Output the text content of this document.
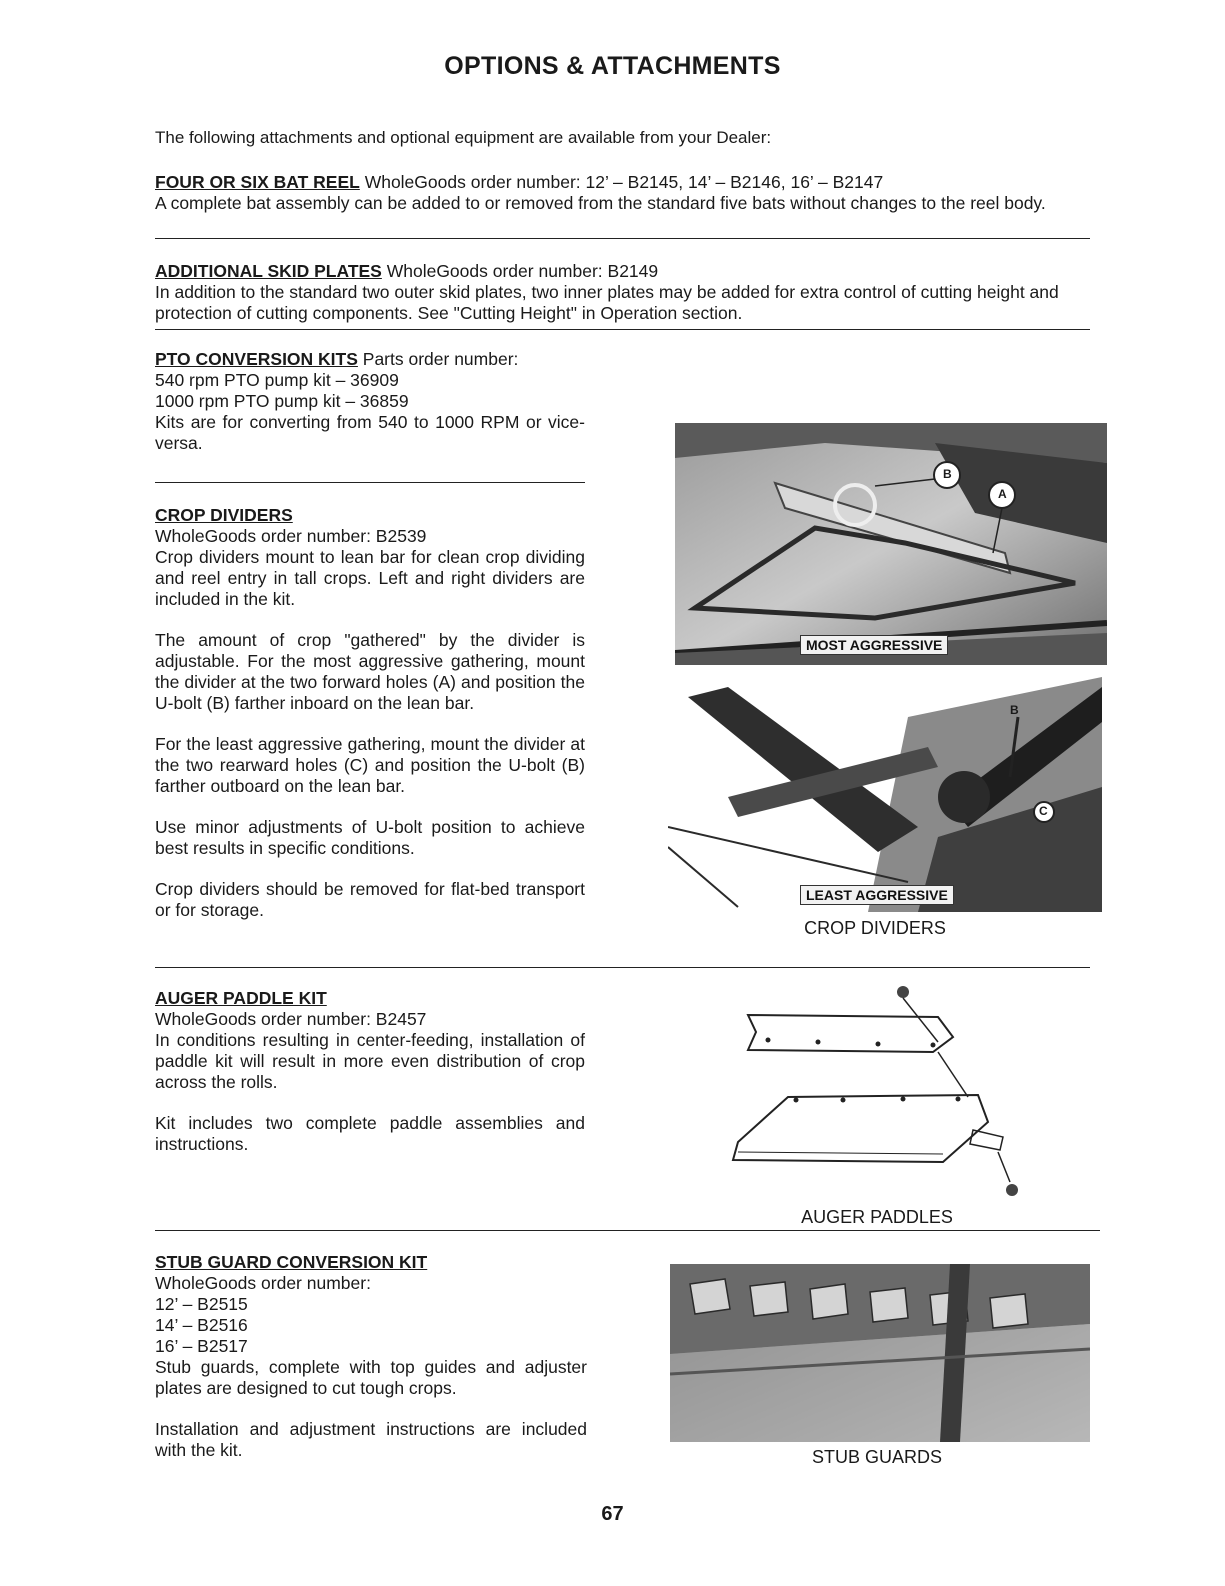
OPTIONS & ATTACHMENTS
The following attachments and optional equipment are available from your Dealer:

FOUR OR SIX BAT REEL WholeGoods order number: 12’ – B2145, 14’ – B2146, 16’ – B2147

A complete bat assembly can be added to or removed from the standard five bats without changes to the reel body.

ADDITIONAL SKID PLATES WholeGoods order number: B2149

In addition to the standard two outer skid plates, two inner plates may be added for extra control of cutting height and protection of cutting components. See "Cutting Height" in Operation section.

PTO CONVERSION KITS Parts order number:

540 rpm PTO pump kit – 36909

1000 rpm PTO pump kit – 36859

Kits are for converting from 540 to 1000 RPM or vice-versa.

CROP DIVIDERS

WholeGoods order number: B2539

Crop dividers mount to lean bar for clean crop dividing and reel entry in tall crops. Left and right dividers are included in the kit.

The amount of crop "gathered" by the divider is adjustable. For the most aggressive gathering, mount the divider at the two forward holes (A) and position the U-bolt (B) farther inboard on the lean bar.

For the least aggressive gathering, mount the divider at the two rearward holes (C) and position the U-bolt (B) farther outboard on the lean bar.

Use minor adjustments of U-bolt position to achieve best results in specific conditions.

Crop dividers should be removed for flat-bed transport or for storage.

B
A
MOST AGGRESSIVE
B
C
LEAST AGGRESSIVE
CROP DIVIDERS

AUGER PADDLE KIT

WholeGoods order number: B2457

In conditions resulting in center-feeding, installation of paddle kit will result in more even distribution of crop across the rolls.

Kit includes two complete paddle assemblies and instructions.

AUGER PADDLES

STUB GUARD CONVERSION KIT

WholeGoods order number:

12’ – B2515

14’ – B2516

16’ – B2517

Stub guards, complete with top guides and adjuster plates are designed to cut tough crops.

Installation and adjustment instructions are included with the kit.	STUB GUARDS
67
